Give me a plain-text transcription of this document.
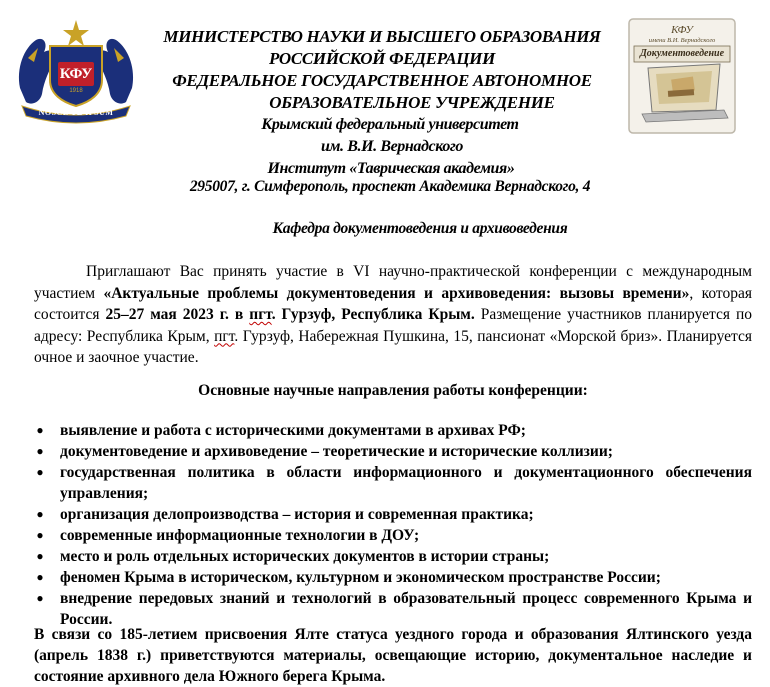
КФУ
1918
NOSCE TE IPSUM
КФУ
имени В.И. Вернадского
Документоведение
МИНИСТЕРСТВО НАУКИ И ВЫСШЕГО ОБРАЗОВАНИЯ
РОССИЙСКОЙ ФЕДЕРАЦИИ
ФЕДЕРАЛЬНОЕ ГОСУДАРСТВЕННОЕ АВТОНОМНОЕ
ОБРАЗОВАТЕЛЬНОЕ УЧРЕЖДЕНИЕ
Крымский федеральный университет
им. В.И. Вернадского
Институт «Таврическая академия»
295007, г. Симферополь, проспект Академика Вернадского, 4
Кафедра документоведения и архивоведения
Приглашают Вас принять участие в VI научно-практической конференции с международным участием «Актуальные проблемы документоведения и архивоведения: вызовы времени», которая состоится 25–27 мая 2023 г. в пгт. Гурзуф, Республика Крым. Размещение участников планируется по адресу: Республика Крым, пгт. Гурзуф, Набережная Пушкина, 15, пансионат «Морской бриз». Планируется очное и заочное участие.
Основные научные направления работы конференции:
● выявление и работа с историческими документами в архивах РФ;
● документоведение и архивоведение – теоретические и исторические коллизии;
● государственная политика в области информационного и документационного обеспечения управления;
● организация делопроизводства – история и современная практика;
● современные информационные технологии в ДОУ;
● место и роль отдельных исторических документов в истории страны;
● феномен Крыма в историческом, культурном и экономическом пространстве России;
● внедрение передовых знаний и технологий в образовательный процесс современного Крыма и России.
В связи со 185-летием присвоения Ялте статуса уездного города и образования Ялтинского уезда (апрель 1838 г.) приветствуются материалы, освещающие историю, документальное наследие и состояние архивного дела Южного берега Крыма.
